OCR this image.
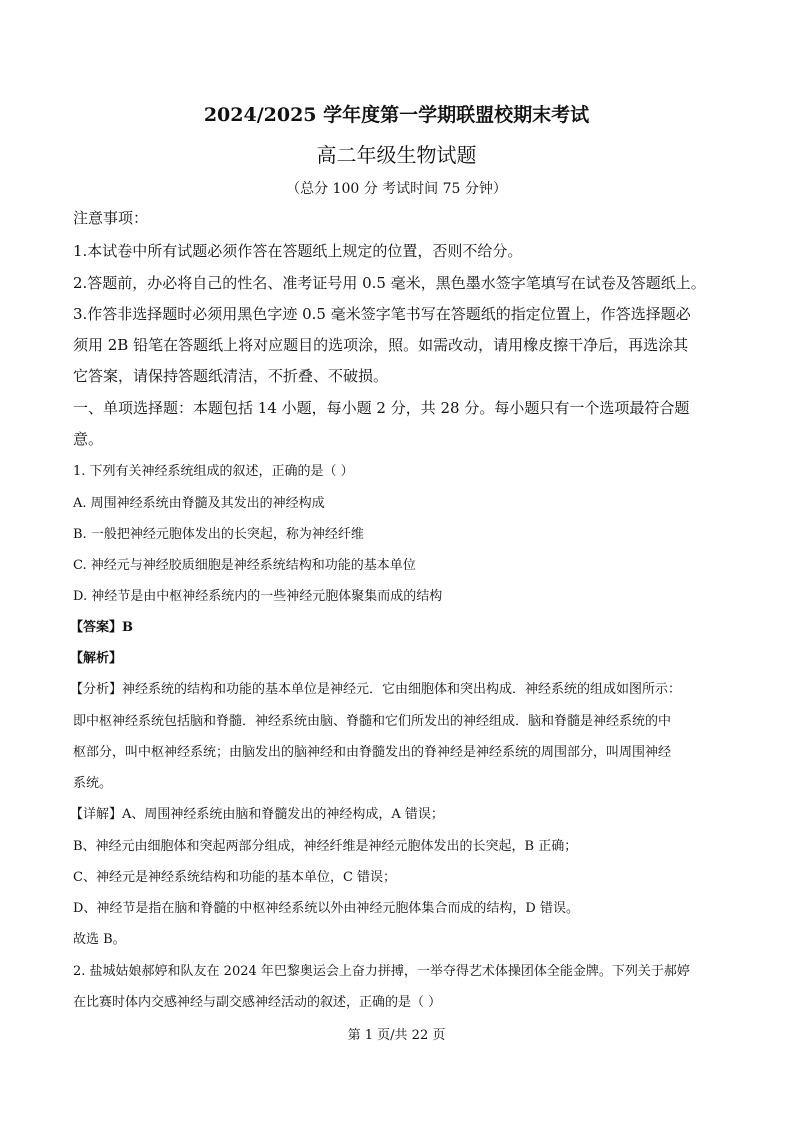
2024/2025 学年度第一学期联盟校期末考试
高二年级生物试题
（总分 100 分 考试时间 75 分钟）
注意事项：
1.本试卷中所有试题必须作答在答题纸上规定的位置，否则不给分。
2.答题前，办必将自己的性名、准考证号用 0.5 毫米，黑色墨水签字笔填写在试卷及答题纸上。
3.作答非选择题时必须用黑色字迹 0.5 毫米签字笔书写在答题纸的指定位置上，作答选择题必
须用 2B 铅笔在答题纸上将对应题目的选项涂，照。如需改动，请用橡皮擦干净后，再选涂其
它答案，请保持答题纸清洁，不折叠、不破损。
一、单项选择题：本题包括 14 小题，每小题 2 分，共 28 分。每小题只有一个选项最符合题
意。
1. 下列有关神经系统组成的叙述，正确的是（ ）
A. 周围神经系统由脊髓及其发出的神经构成
B. 一般把神经元胞体发出的长突起，称为神经纤维
C. 神经元与神经胶质细胞是神经系统结构和功能的基本单位
D. 神经节是由中枢神经系统内的一些神经元胞体聚集而成的结构
【答案】B
【解析】
【分析】神经系统的结构和功能的基本单位是神经元．它由细胞体和突出构成．神经系统的组成如图所示：
即中枢神经系统包括脑和脊髓．神经系统由脑、脊髓和它们所发出的神经组成．脑和脊髓是神经系统的中
枢部分，叫中枢神经系统；由脑发出的脑神经和由脊髓发出的脊神经是神经系统的周围部分，叫周围神经
系统。
【详解】A、周围神经系统由脑和脊髓发出的神经构成，A 错误；
B、神经元由细胞体和突起两部分组成，神经纤维是神经元胞体发出的长突起，B 正确；
C、神经元是神经系统结构和功能的基本单位，C 错误；
D、神经节是指在脑和脊髓的中枢神经系统以外由神经元胞体集合而成的结构，D 错误。
故选 B。
2. 盐城姑娘郝婷和队友在 2024 年巴黎奥运会上奋力拼搏，一举夺得艺术体操团体全能金牌。下列关于郝婷
在比赛时体内交感神经与副交感神经活动的叙述，正确的是（ ）
第 1 页/共 22 页
